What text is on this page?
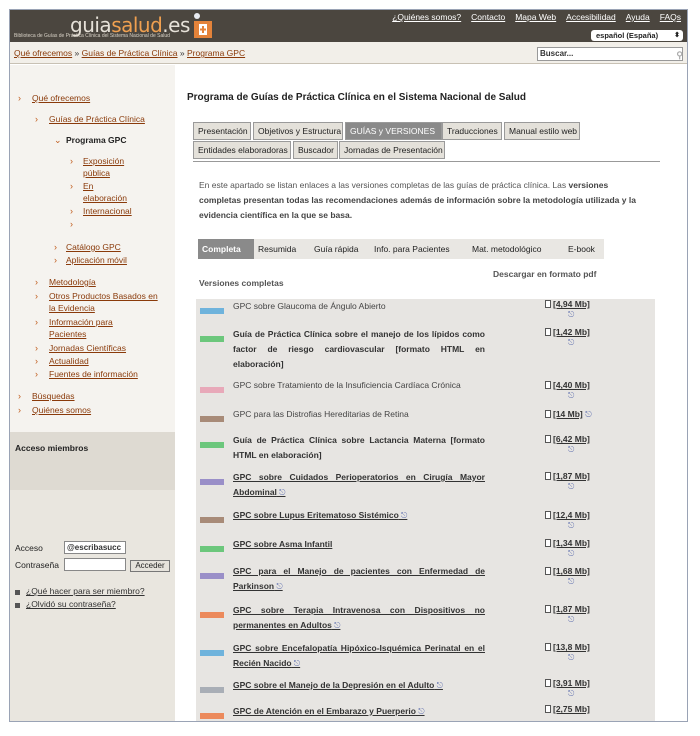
guiasalud.es
Biblioteca de Guías de Práctica Clínica del Sistema Nacional de Salud
¿Quiénes somos? Contacto Mapa Web Accesibilidad Ayuda FAQs
español (España) ⬍
Qué ofrecemos » Guías de Práctica Clínica » Programa GPC	Buscar...	⚲
› Qué ofrecemos
› Guías de Práctica Clínica
⌄ Programa GPC
› Exposición pública
› En elaboración
› Internacional
›
› Catálogo GPC
› Aplicación móvil
› Metodología
› Otros Productos Basados en la Evidencia
› Información para Pacientes
› Jornadas Científicas
› Actualidad
› Fuentes de información
› Búsquedas
› Quiénes somos
Acceso miembros
Acceso	@escribasucc
Contraseña	Acceder
¿Qué hacer para ser miembro?
¿Olvidó su contraseña?
Programa de Guías de Práctica Clínica en el Sistema Nacional de Salud
Presentación	Objetivos y Estructura	GUÍAS y VERSIONES	Traducciones	Manual estilo web
Entidades elaboradoras	Buscador	Jornadas de Presentación
En este apartado se listan enlaces a las versiones completas de las guías de práctica clínica. Las versiones completas presentan todas las recomendaciones además de información sobre la metodología utilizada y la evidencia científica en la que se basa.
Completa	Resumida	Guía rápida	Info. para Pacientes	Mat. metodológico	E-book
Descargar en formato pdf
Versiones completas
GPC sobre Glaucoma de Ángulo Abierto	[4,94 Mb]
⎋
Guía de Práctica Clínica sobre el manejo de los lípidos como factor de riesgo cardiovascular [formato HTML en elaboración]
[1,42 Mb]
⎋
GPC sobre Tratamiento de la Insuficiencia Cardíaca Crónica	[4,40 Mb]
⎋
GPC para las Distrofias Hereditarias de Retina	[14 Mb] ⎋
Guía de Práctica Clínica sobre Lactancia Materna [formato HTML en elaboración]
[6,42 Mb]
⎋
GPC sobre Cuidados Perioperatorios en Cirugía Mayor Abdominal ⎋
[1,87 Mb]
⎋
GPC sobre Lupus Eritematoso Sistémico ⎋	[12,4 Mb]
⎋
GPC sobre Asma Infantil	[1,34 Mb]
⎋
GPC para el Manejo de pacientes con Enfermedad de Parkinson ⎋
[1,68 Mb]
⎋
GPC sobre Terapia Intravenosa con Dispositivos no permanentes en Adultos ⎋
[1,87 Mb]
⎋
GPC sobre Encefalopatía Hipóxico-Isquémica Perinatal en el Recién Nacido ⎋
[13,8 Mb]
⎋
GPC sobre el Manejo de la Depresión en el Adulto ⎋	[3,91 Mb]
⎋
GPC de Atención en el Embarazo y Puerperio ⎋	[2,75 Mb]
